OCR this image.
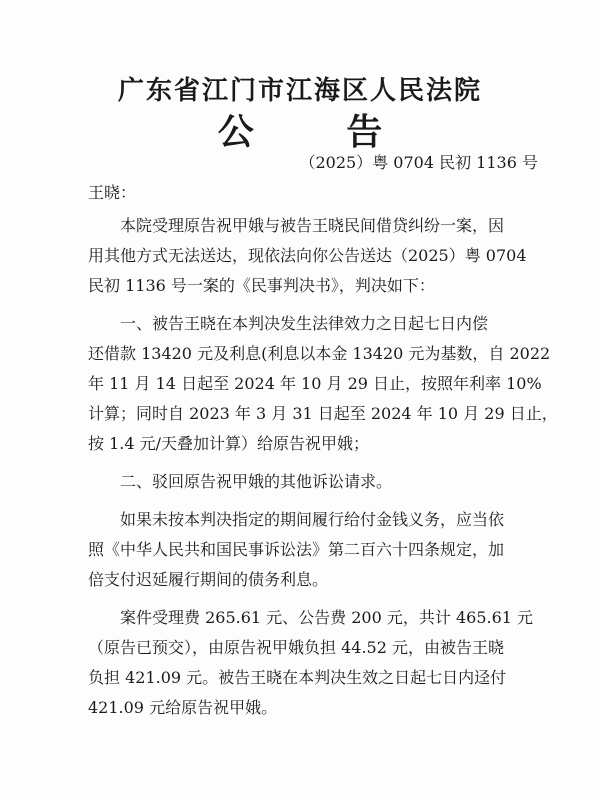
广东省江门市江海区人民法院
公 告
（2025）粤 0704 民初 1136 号
王晓：
本院受理原告祝甲娥与被告王晓民间借贷纠纷一案，因
用其他方式无法送达，现依法向你公告送达（2025）粤 0704
民初 1136 号一案的《民事判决书》，判决如下：
一、被告王晓在本判决发生法律效力之日起七日内偿
还借款 13420 元及利息(利息以本金 13420 元为基数，自 2022
年 11 月 14 日起至 2024 年 10 月 29 日止，按照年利率 10%
计算；同时自 2023 年 3 月 31 日起至 2024 年 10 月 29 日止，
按 1.4 元/天叠加计算）给原告祝甲娥；
二、驳回原告祝甲娥的其他诉讼请求。
如果未按本判决指定的期间履行给付金钱义务，应当依
照《中华人民共和国民事诉讼法》第二百六十四条规定，加
倍支付迟延履行期间的债务利息。
案件受理费 265.61 元、公告费 200 元，共计 465.61 元
（原告已预交），由原告祝甲娥负担 44.52 元，由被告王晓
负担 421.09 元。被告王晓在本判决生效之日起七日内迳付
421.09 元给原告祝甲娥。
